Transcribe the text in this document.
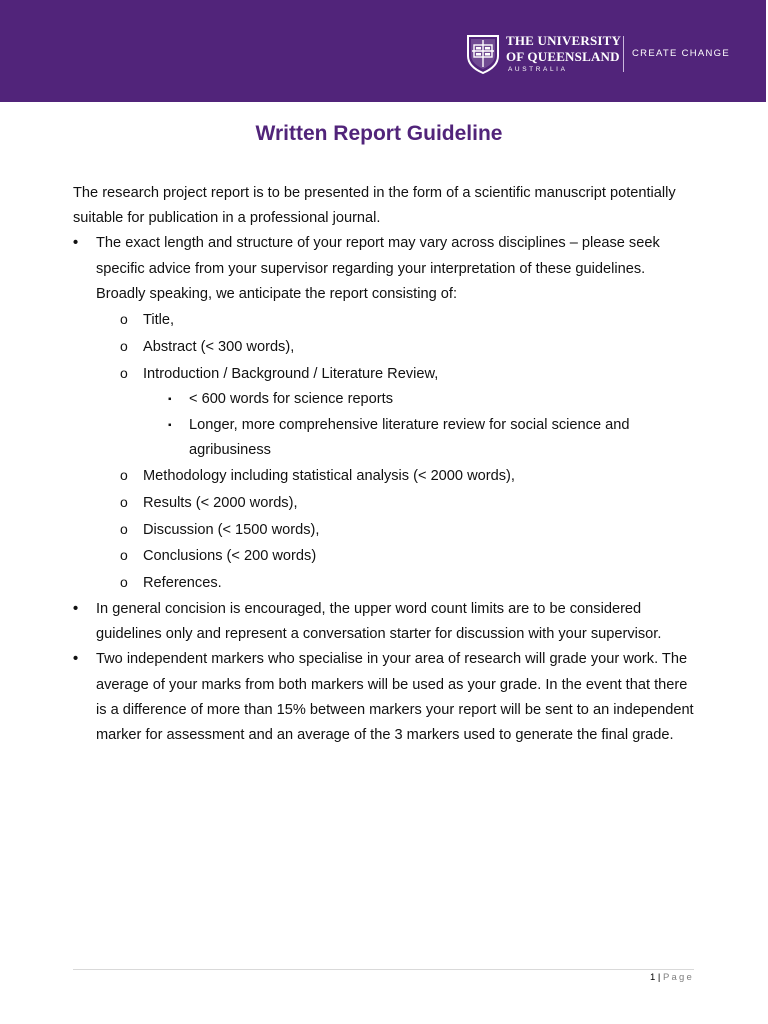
THE UNIVERSITY
OF QUEENSLAND
AUSTRALIA
CREATE CHANGE
Written Report Guideline

The research project report is to be presented in the form of a scientific manuscript potentially suitable for publication in a professional journal.

• The exact length and structure of your report may vary across disciplines – please seek specific advice from your supervisor regarding your interpretation of these guidelines. Broadly speaking, we anticipate the report consisting of:
o Title,
o Abstract (< 300 words),
o Introduction / Background / Literature Review,
▪ < 600 words for science reports
▪ Longer, more comprehensive literature review for social science and agribusiness
o Methodology including statistical analysis (< 2000 words),
o Results (< 2000 words),
o Discussion (< 1500 words),
o Conclusions (< 200 words)
o References.
• In general concision is encouraged, the upper word count limits are to be considered guidelines only and represent a conversation starter for discussion with your supervisor.
• Two independent markers who specialise in your area of research will grade your work. The average of your marks from both markers will be used as your grade. In the event that there is a difference of more than 15% between markers your report will be sent to an independent marker for assessment and an average of the 3 markers used to generate the final grade.
1 | Page
